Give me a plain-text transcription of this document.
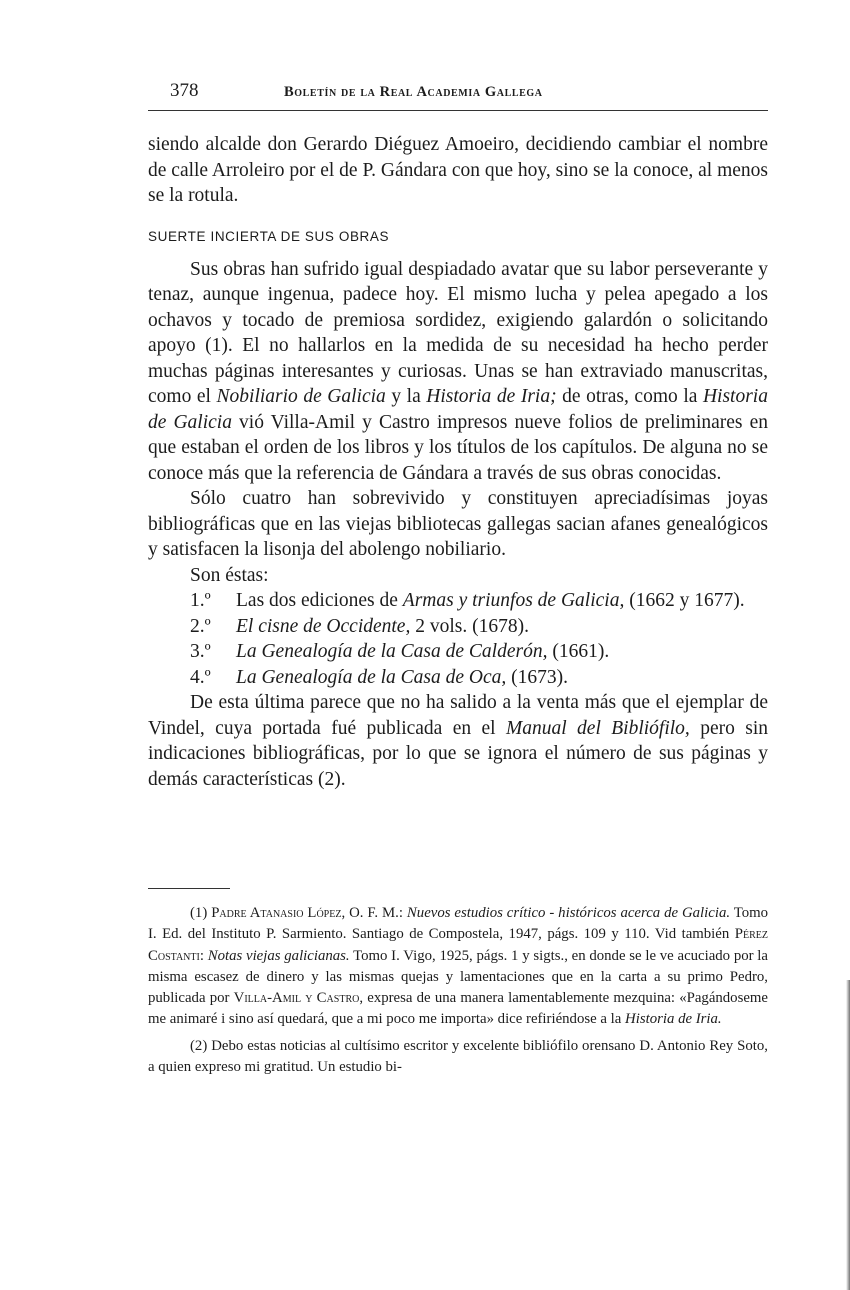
378	Boletín de la Real Academia Gallega

siendo alcalde don Gerardo Diéguez Amoeiro, decidiendo cambiar el nombre de calle Arroleiro por el de P. Gándara con que hoy, sino se la conoce, al menos se la rotula.

SUERTE INCIERTA DE SUS OBRAS

Sus obras han sufrido igual despiadado avatar que su labor perseverante y tenaz, aunque ingenua, padece hoy. El mismo lucha y pelea apegado a los ochavos y tocado de premiosa sordidez, exigiendo galardón o solicitando apoyo (1). El no hallarlos en la medida de su necesidad ha hecho perder muchas páginas interesantes y curiosas. Unas se han extraviado manuscritas, como el Nobiliario de Galicia y la Historia de Iria; de otras, como la Historia de Galicia vió Villa-Amil y Castro impresos nueve folios de preliminares en que estaban el orden de los libros y los títulos de los capítulos. De alguna no se conoce más que la referencia de Gándara a través de sus obras conocidas.

Sólo cuatro han sobrevivido y constituyen apreciadísimas joyas bibliográficas que en las viejas bibliotecas gallegas sacian afanes genealógicos y satisfacen la lisonja del abolengo nobiliario.

Son éstas:

1.º Las dos ediciones de Armas y triunfos de Galicia, (1662 y 1677).

2.º El cisne de Occidente, 2 vols. (1678).

3.º La Genealogía de la Casa de Calderón, (1661).

4.º La Genealogía de la Casa de Oca, (1673).

De esta última parece que no ha salido a la venta más que el ejemplar de Vindel, cuya portada fué publicada en el Manual del Bibliófilo, pero sin indicaciones bibliográficas, por lo que se ignora el número de sus páginas y demás características (2).

(1) Padre Atanasio López, O. F. M.: Nuevos estudios crítico - históricos acerca de Galicia. Tomo I. Ed. del Instituto P. Sarmiento. Santiago de Compostela, 1947, págs. 109 y 110. Vid también Pérez Costanti: Notas viejas galicianas. Tomo I. Vigo, 1925, págs. 1 y sigts., en donde se le ve acuciado por la misma escasez de dinero y las mismas quejas y lamentaciones que en la carta a su primo Pedro, publicada por Villa-Amil y Castro, expresa de una manera lamentablemente mezquina: «Pagándoseme me animaré i sino así quedará, que a mi poco me importa» dice refiriéndose a la Historia de Iria.

(2) Debo estas noticias al cultísimo escritor y excelente bibliófilo orensano D. Antonio Rey Soto, a quien expreso mi gratitud. Un estudio bi-
